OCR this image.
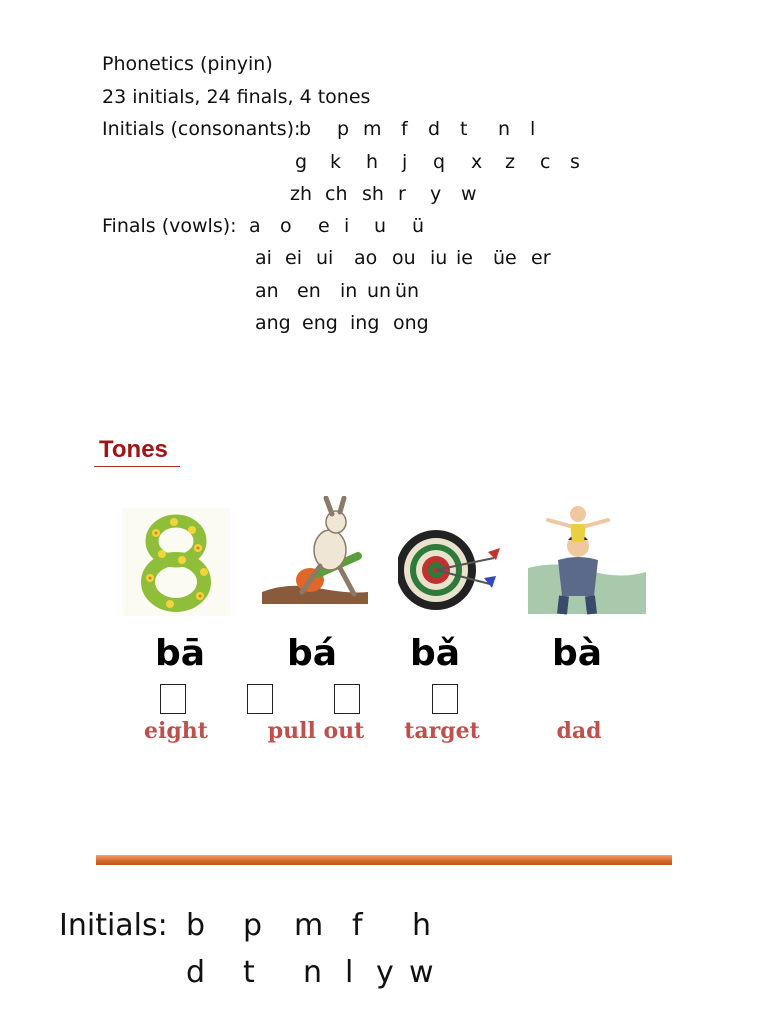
Phonetics (pinyin)
23 initials, 24 finals, 4 tones
Initials (consonants):
b p m f d t n l
g k h j q x z c s
zh ch sh r y w
Finals (vowls): a o e i u ü
ai ei ui ao ou iu ie üe er
an en in un ün
ang eng ing ong
Tones
bā	bá	bǎ	bà
eight	pull out	target	dad
Initials: b p m f h
d t n l y w
